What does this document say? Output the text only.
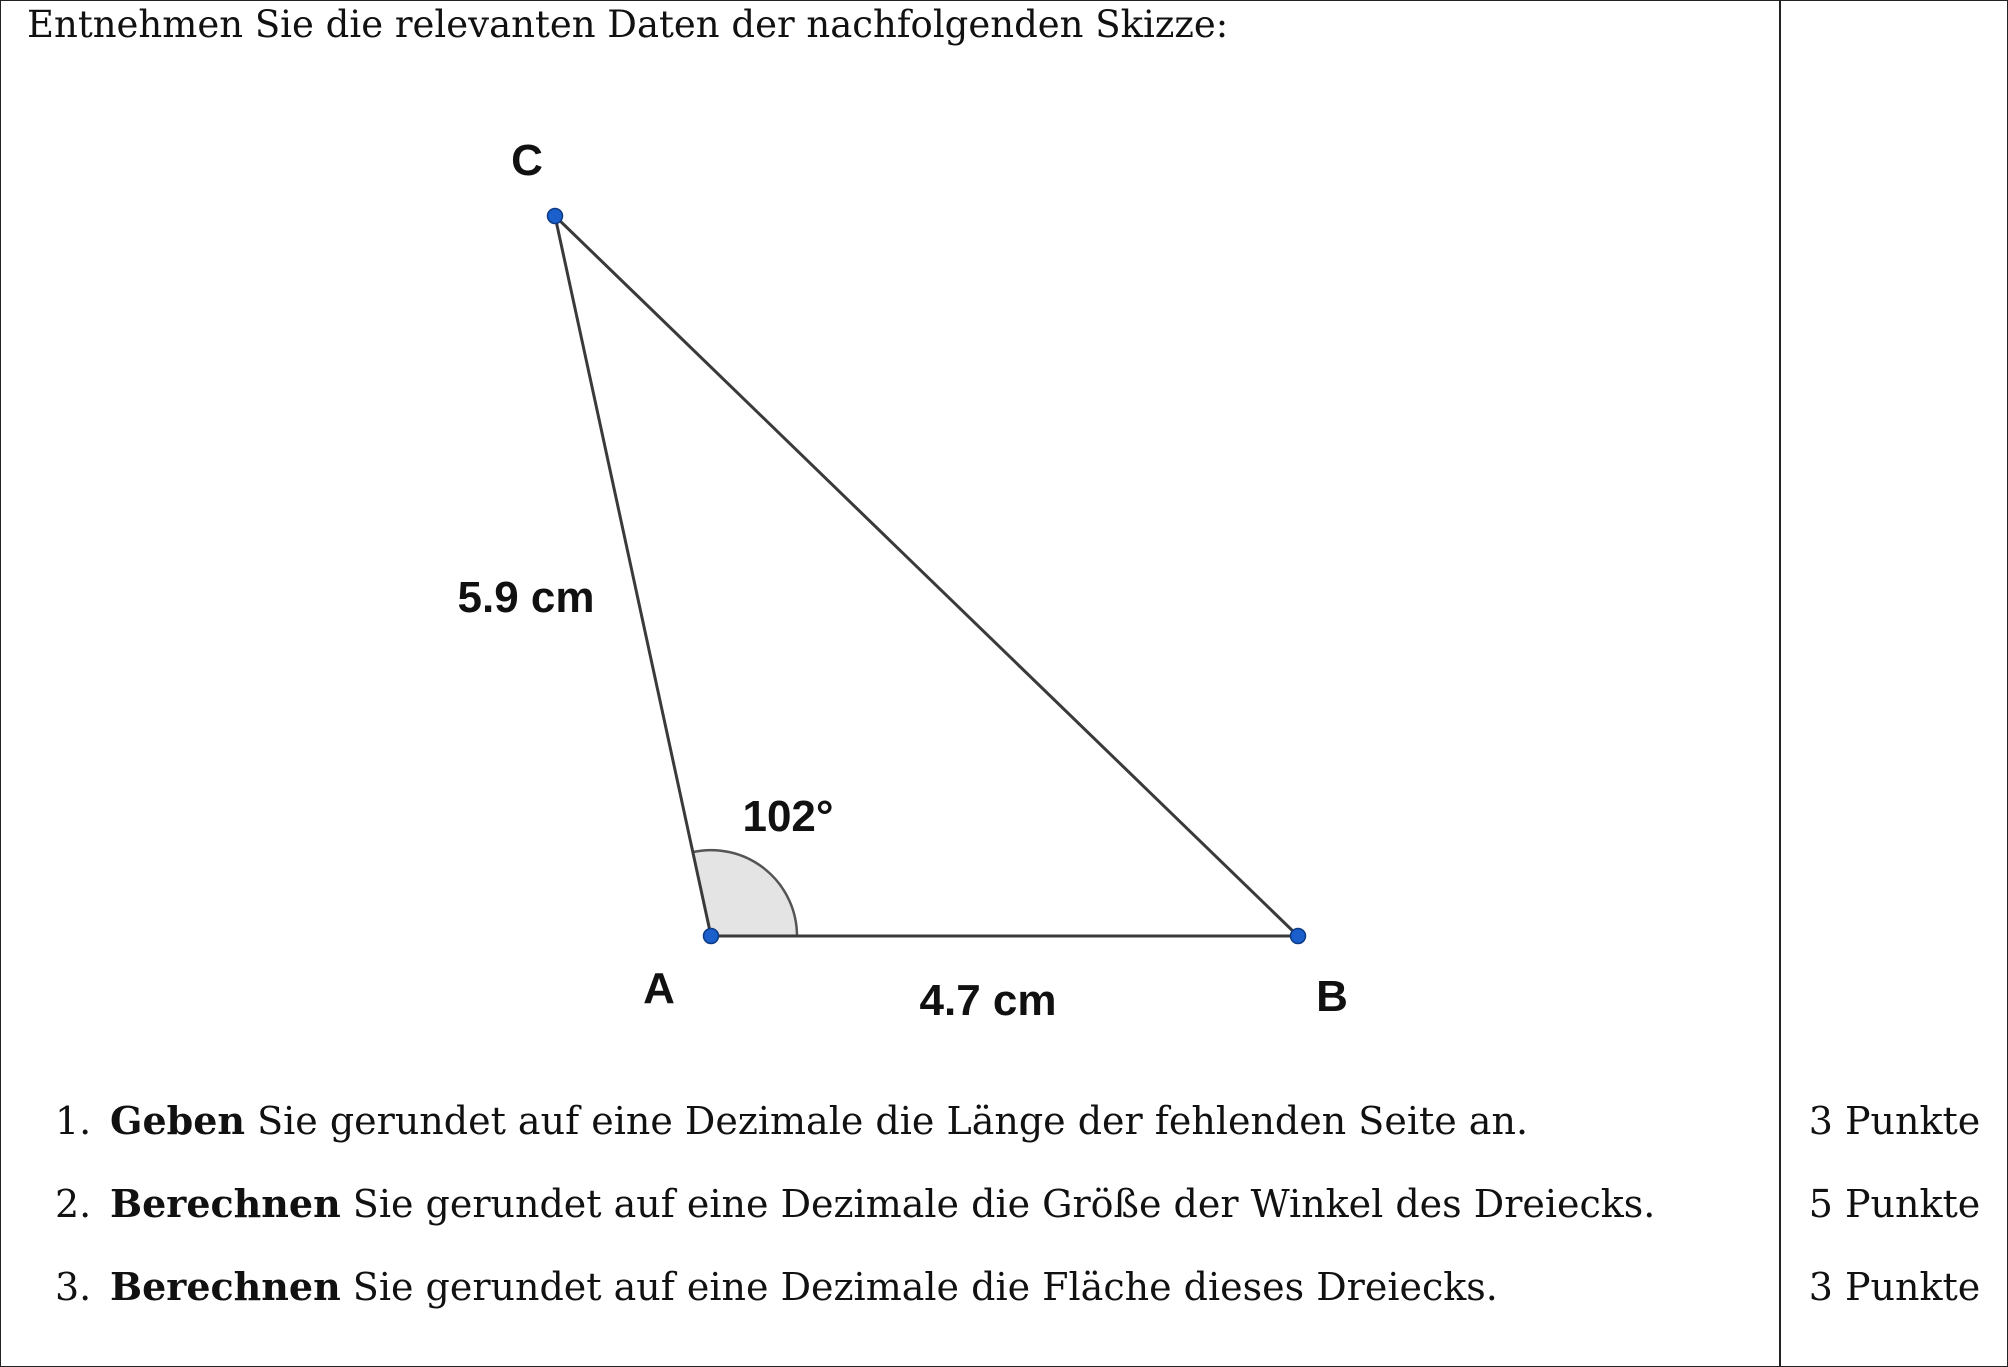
Entnehmen Sie die relevanten Daten der nachfolgenden Skizze:
C
A	B
5.9 cm
4.7 cm
102°
1. Geben Sie gerundet auf eine Dezimale die Länge der fehlenden Seite an.	3 Punkte
2. Berechnen Sie gerundet auf eine Dezimale die Größe der Winkel des Dreiecks.	5 Punkte
3. Berechnen Sie gerundet auf eine Dezimale die Fläche dieses Dreiecks.	3 Punkte
